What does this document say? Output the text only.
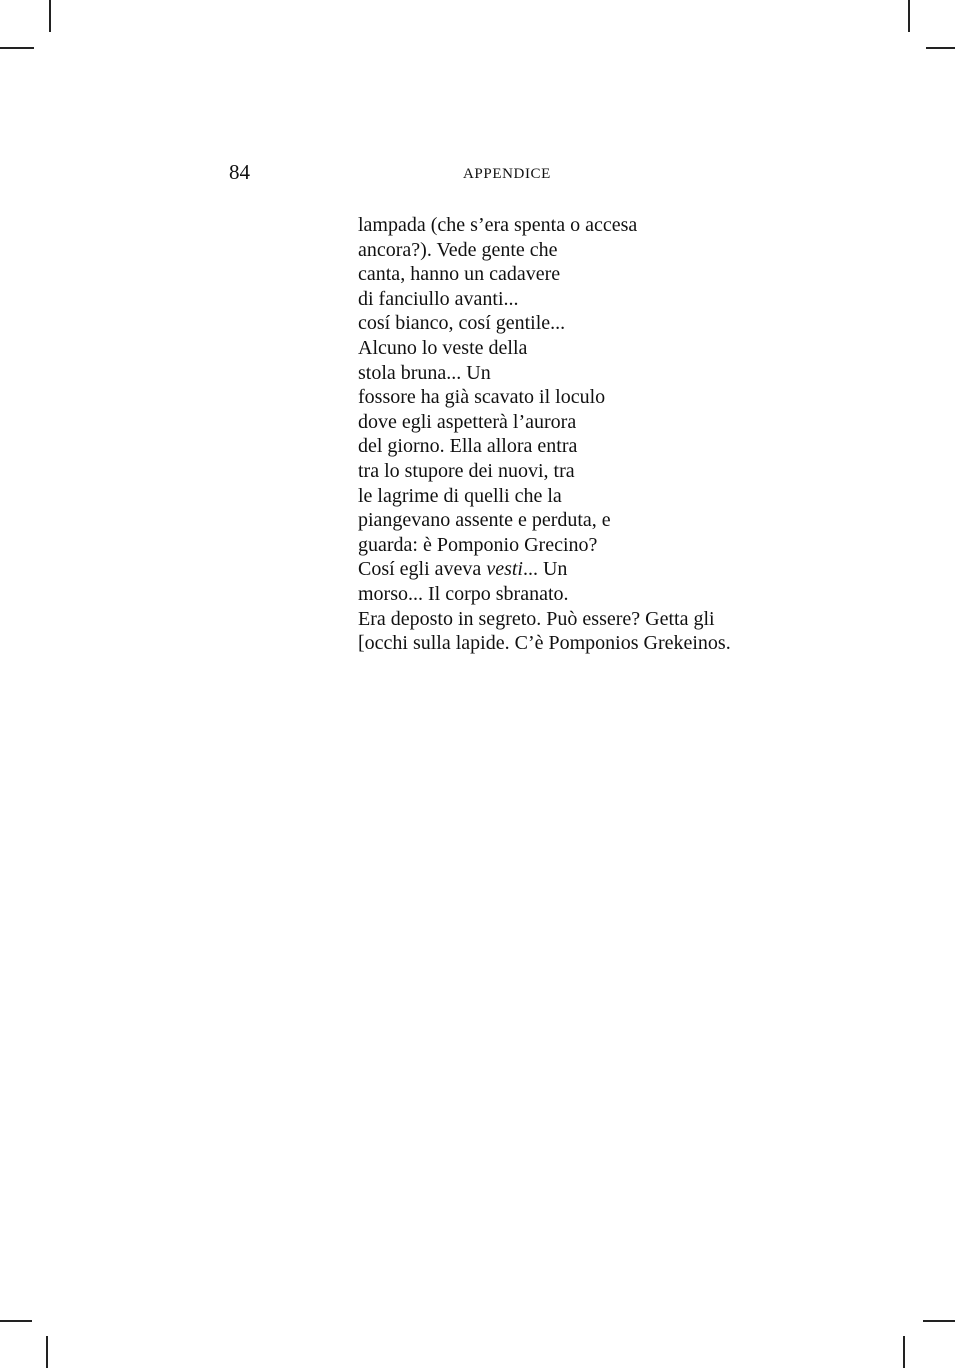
84	APPENDICE
lampada (che s’era spenta o accesa
ancora?). Vede gente che
canta, hanno un cadavere
di fanciullo avanti...
cosí bianco, cosí gentile...
Alcuno lo veste della
stola bruna... Un
fossore ha già scavato il loculo
dove egli aspetterà l’aurora
del giorno. Ella allora entra
tra lo stupore dei nuovi, tra
le lagrime di quelli che la
piangevano assente e perduta, e
guarda: è Pomponio Grecino?
Cosí egli aveva vesti... Un
morso... Il corpo sbranato.
Era deposto in segreto. Può essere? Getta gli
[occhi sulla lapide. C’è Pomponios Grekeinos.
